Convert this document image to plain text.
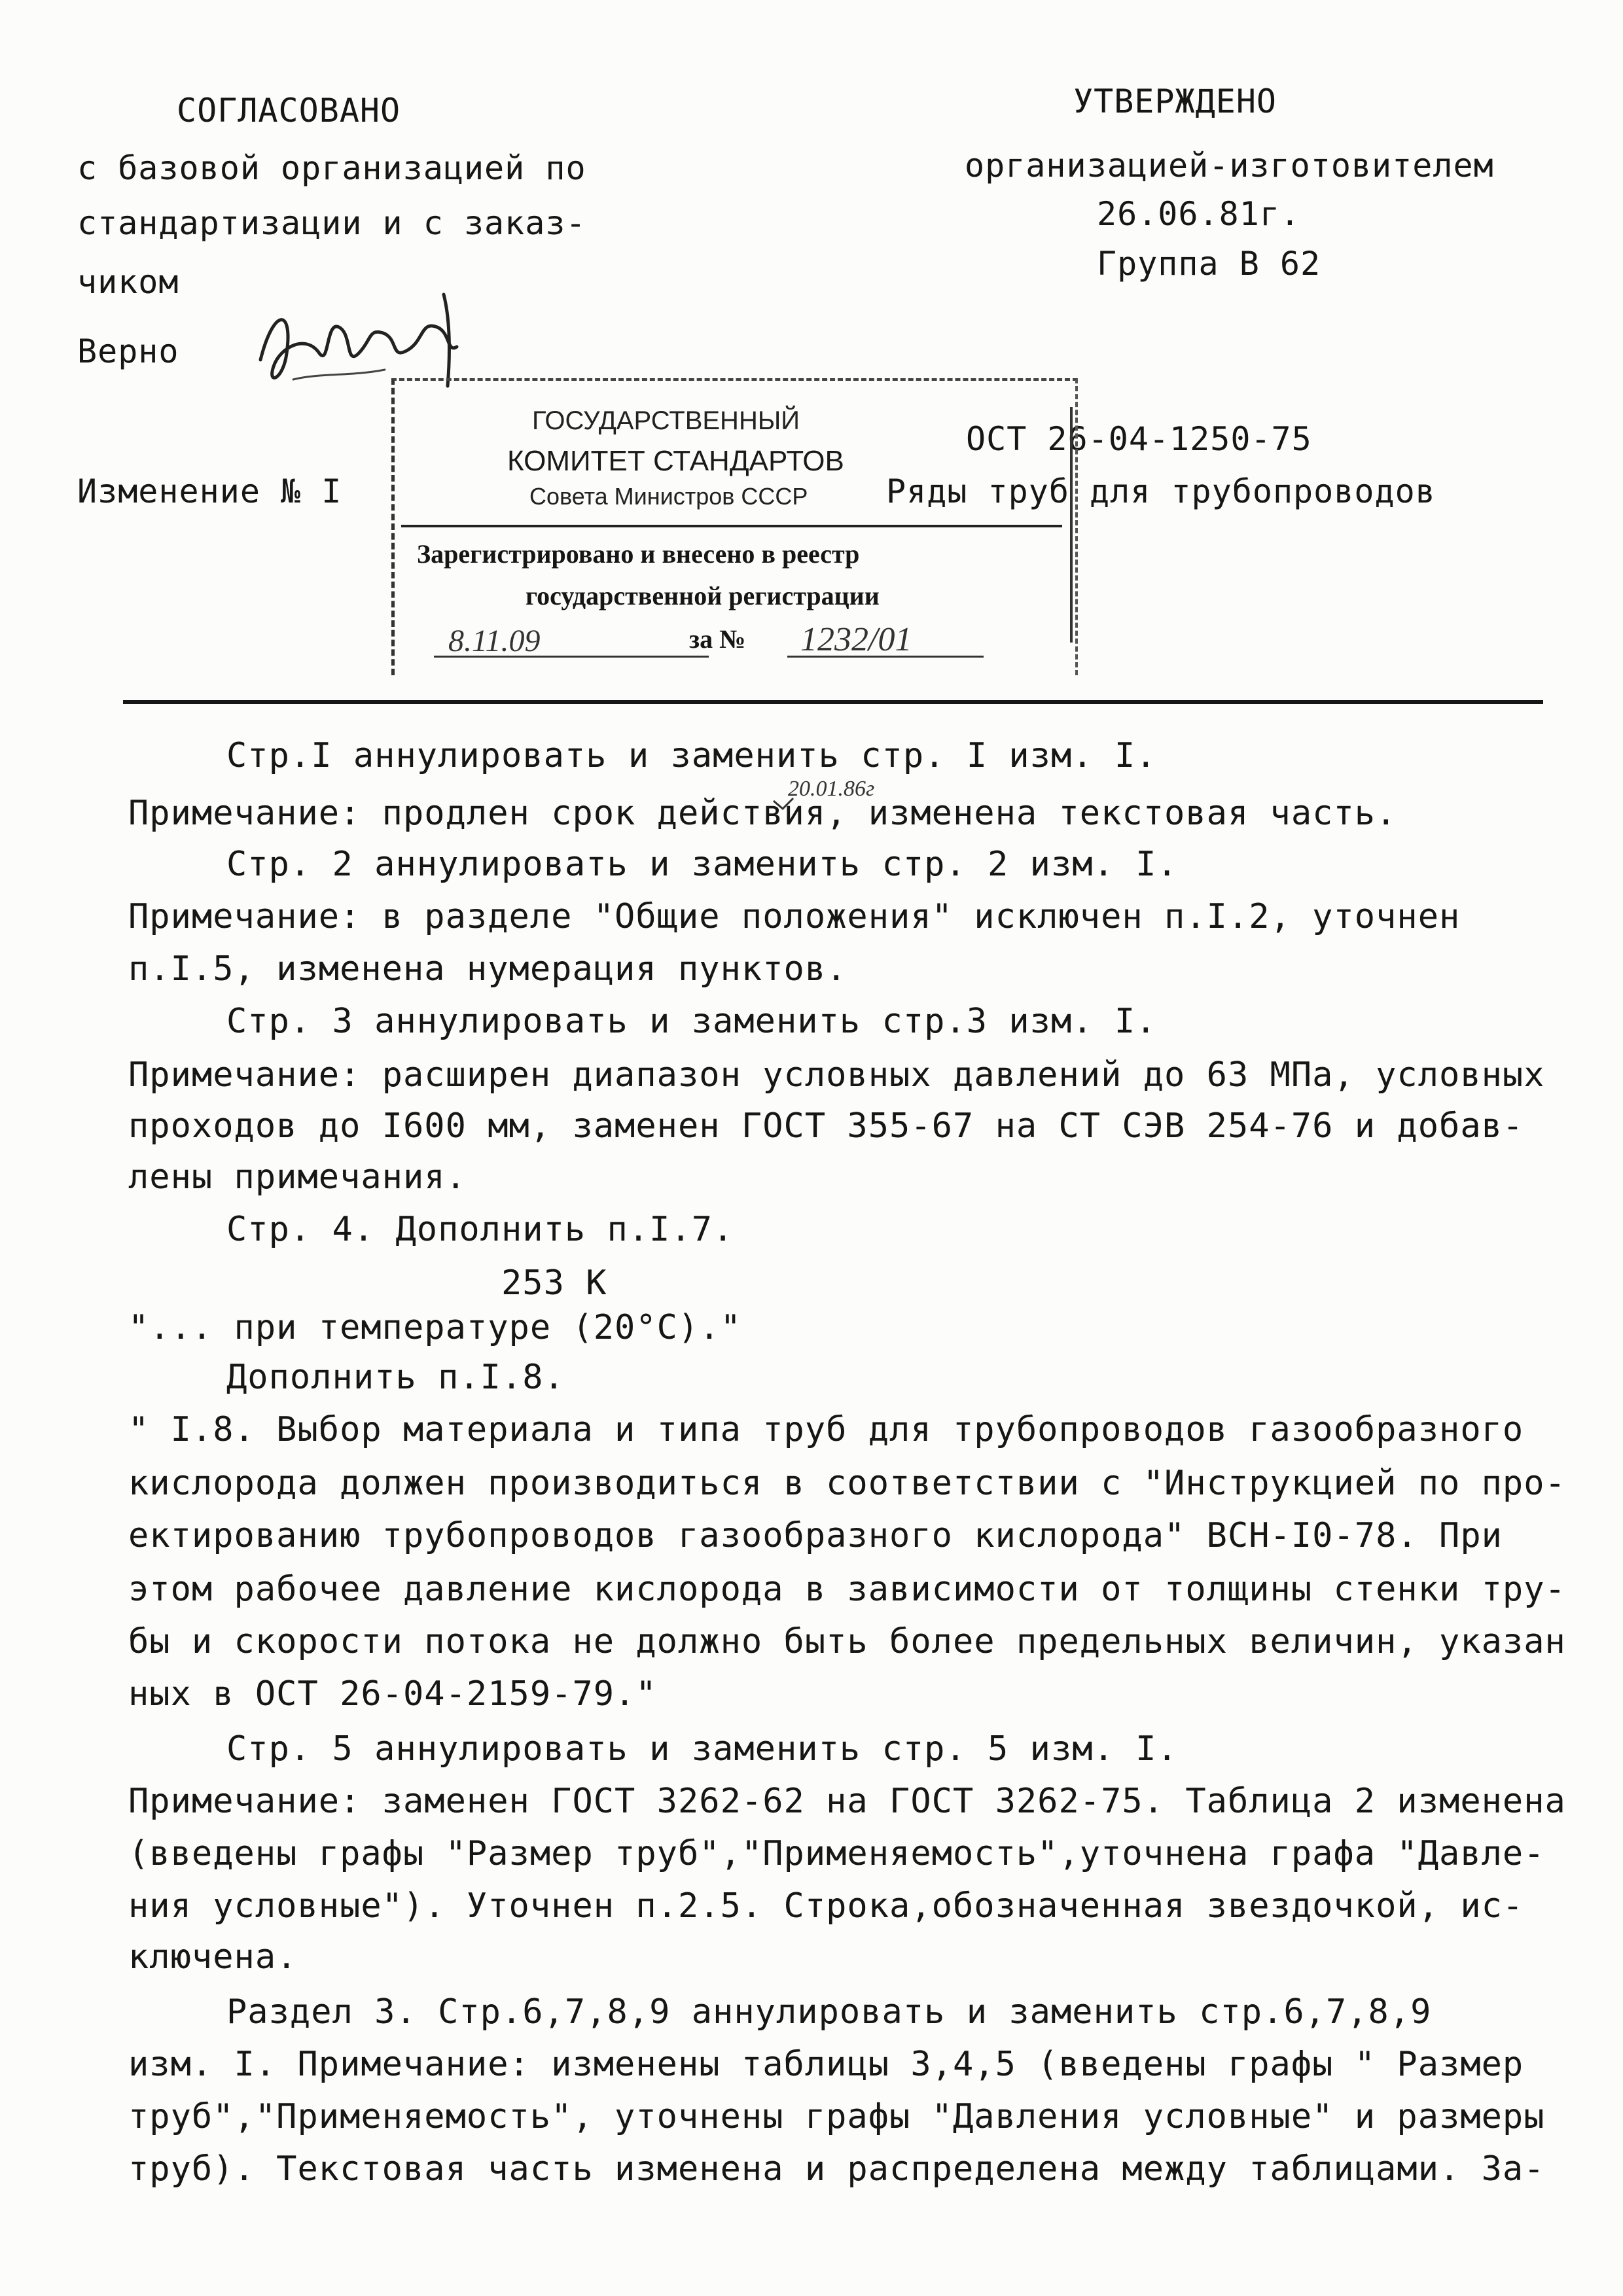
СОГЛАСОВАНО
с базовой организацией по
стандартизации и с заказ-
чиком
Верно
УТВЕРЖДЕНО
организацией-изготовителем
26.06.81г.
Группа В 62
ОСТ 26-04-1250-75
Изменение № I	Ряды труб для трубопроводов
ГОСУДАРСТВЕННЫЙ
КОМИТЕТ СТАНДАРТОВ
Совета Министров СССР
Зарегистрировано и внесено в реестр
государственной регистрации
8.11.09	за № 1232/01
20.01.86г
Стр.I аннулировать и заменить стр. I изм. I.
Примечание: продлен срок действия, изменена текстовая часть.
Стр. 2 аннулировать и заменить стр. 2 изм. I.
Примечание: в разделе "Общие положения" исключен п.I.2, уточнен
п.I.5, изменена нумерация пунктов.
Стр. 3 аннулировать и заменить стр.3 изм. I.
Примечание: расширен диапазон условных давлений до 63 МПа, условных
проходов до I600 мм, заменен ГОСТ 355-67 на СТ СЭВ 254-76 и добав-
лены примечания.
Стр. 4. Дополнить п.I.7.
253 К
"... при температуре (20°С)."
Дополнить п.I.8.
" I.8. Выбор материала и типа труб для трубопроводов газообразного
кислорода должен производиться в соответствии с "Инструкцией по про-
ектированию трубопроводов газообразного кислорода" ВСН-I0-78. При
этом рабочее давление кислорода в зависимости от толщины стенки тру-
бы и скорости потока не должно быть более предельных величин, указан
ных в ОСТ 26-04-2159-79."
Стр. 5 аннулировать и заменить стр. 5 изм. I.
Примечание: заменен ГОСТ 3262-62 на ГОСТ 3262-75. Таблица 2 изменена
(введены графы "Размер труб","Применяемость",уточнена графа "Давле-
ния условные"). Уточнен п.2.5. Строка,обозначенная звездочкой, ис-
ключена.
Раздел 3. Стр.6,7,8,9 аннулировать и заменить стр.6,7,8,9
изм. I. Примечание: изменены таблицы 3,4,5 (введены графы " Размер
труб","Применяемость", уточнены графы "Давления условные" и размеры
труб). Текстовая часть изменена и распределена между таблицами. За-
